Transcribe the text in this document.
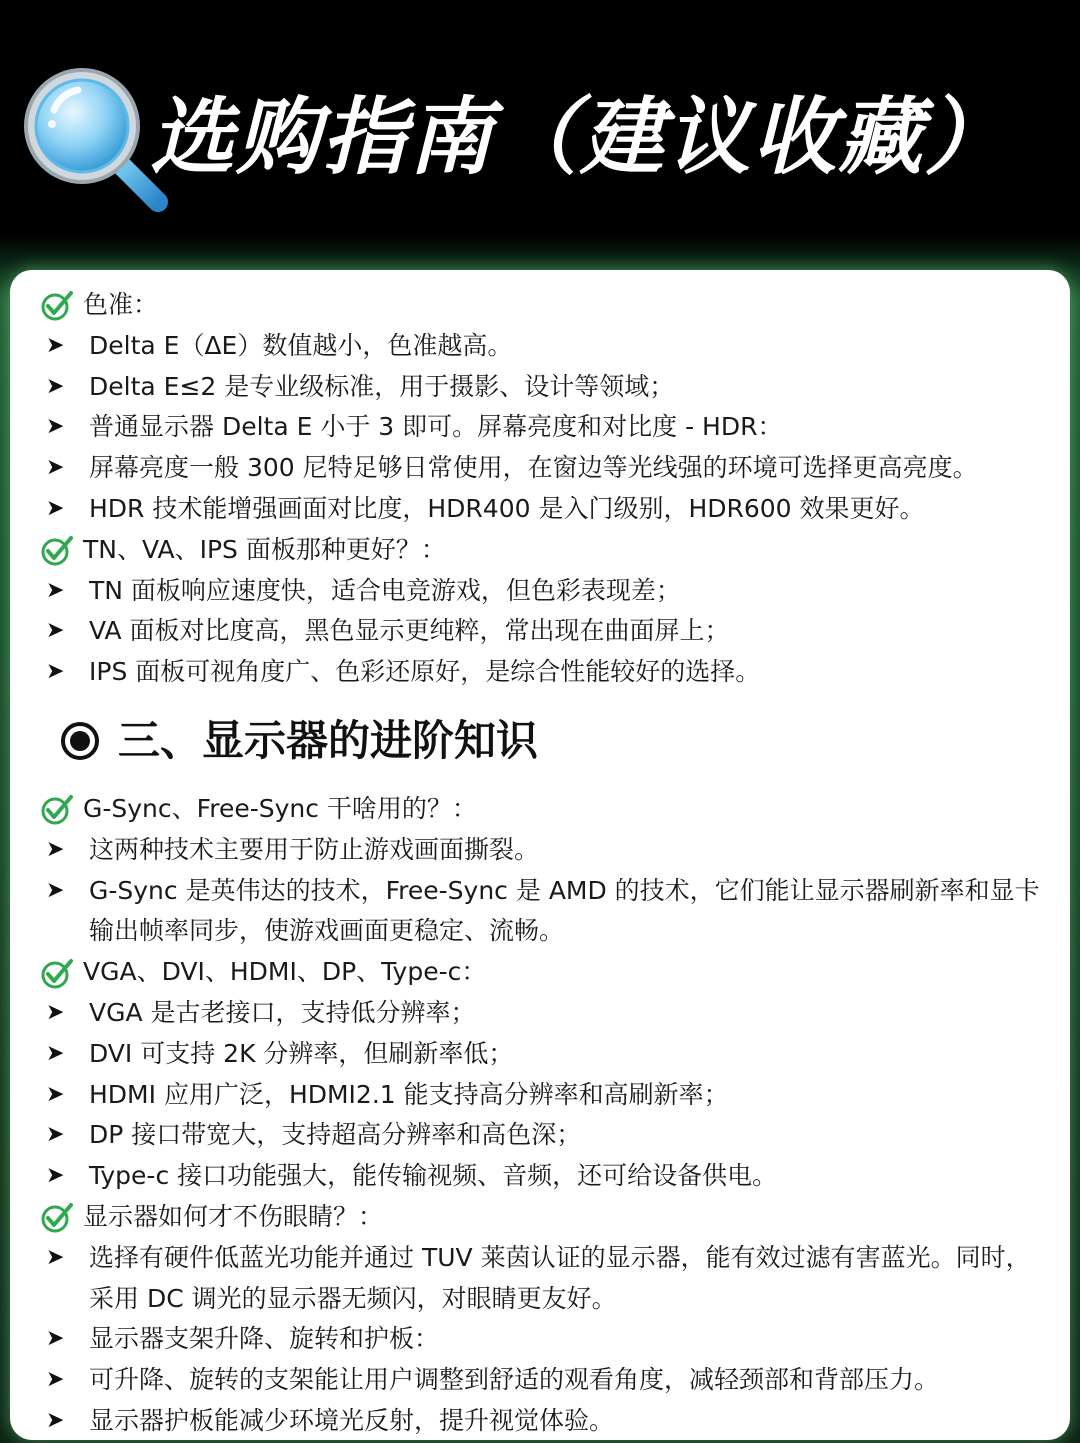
选购指南（建议收藏）
色准：
➤ Delta E（ΔE）数值越小，色准越高。
➤ Delta E≤2 是专业级标准，用于摄影、设计等领域；
➤ 普通显示器 Delta E 小于 3 即可。屏幕亮度和对比度 - HDR：
➤ 屏幕亮度一般 300 尼特足够日常使用，在窗边等光线强的环境可选择更高亮度。
➤ HDR 技术能增强画面对比度，HDR400 是入门级别，HDR600 效果更好。
TN、VA、IPS 面板那种更好？：
➤ TN 面板响应速度快，适合电竞游戏，但色彩表现差；
➤ VA 面板对比度高，黑色显示更纯粹，常出现在曲面屏上；
➤ IPS 面板可视角度广、色彩还原好，是综合性能较好的选择。
三、显示器的进阶知识
G-Sync、Free-Sync 干啥用的？：
➤ 这两种技术主要用于防止游戏画面撕裂。
➤ G-Sync 是英伟达的技术，Free-Sync 是 AMD 的技术，它们能让显示器刷新率和显卡输出帧率同步，使游戏画面更稳定、流畅。
VGA、DVI、HDMI、DP、Type-c：
➤ VGA 是古老接口，支持低分辨率；
➤ DVI 可支持 2K 分辨率，但刷新率低；
➤ HDMI 应用广泛，HDMI2.1 能支持高分辨率和高刷新率；
➤ DP 接口带宽大，支持超高分辨率和高色深；
➤ Type-c 接口功能强大，能传输视频、音频，还可给设备供电。
显示器如何才不伤眼睛？：
➤ 选择有硬件低蓝光功能并通过 TUV 莱茵认证的显示器，能有效过滤有害蓝光。同时，采用 DC 调光的显示器无频闪，对眼睛更友好。
➤ 显示器支架升降、旋转和护板：
➤ 可升降、旋转的支架能让用户调整到舒适的观看角度，减轻颈部和背部压力。
➤ 显示器护板能减少环境光反射，提升视觉体验。
